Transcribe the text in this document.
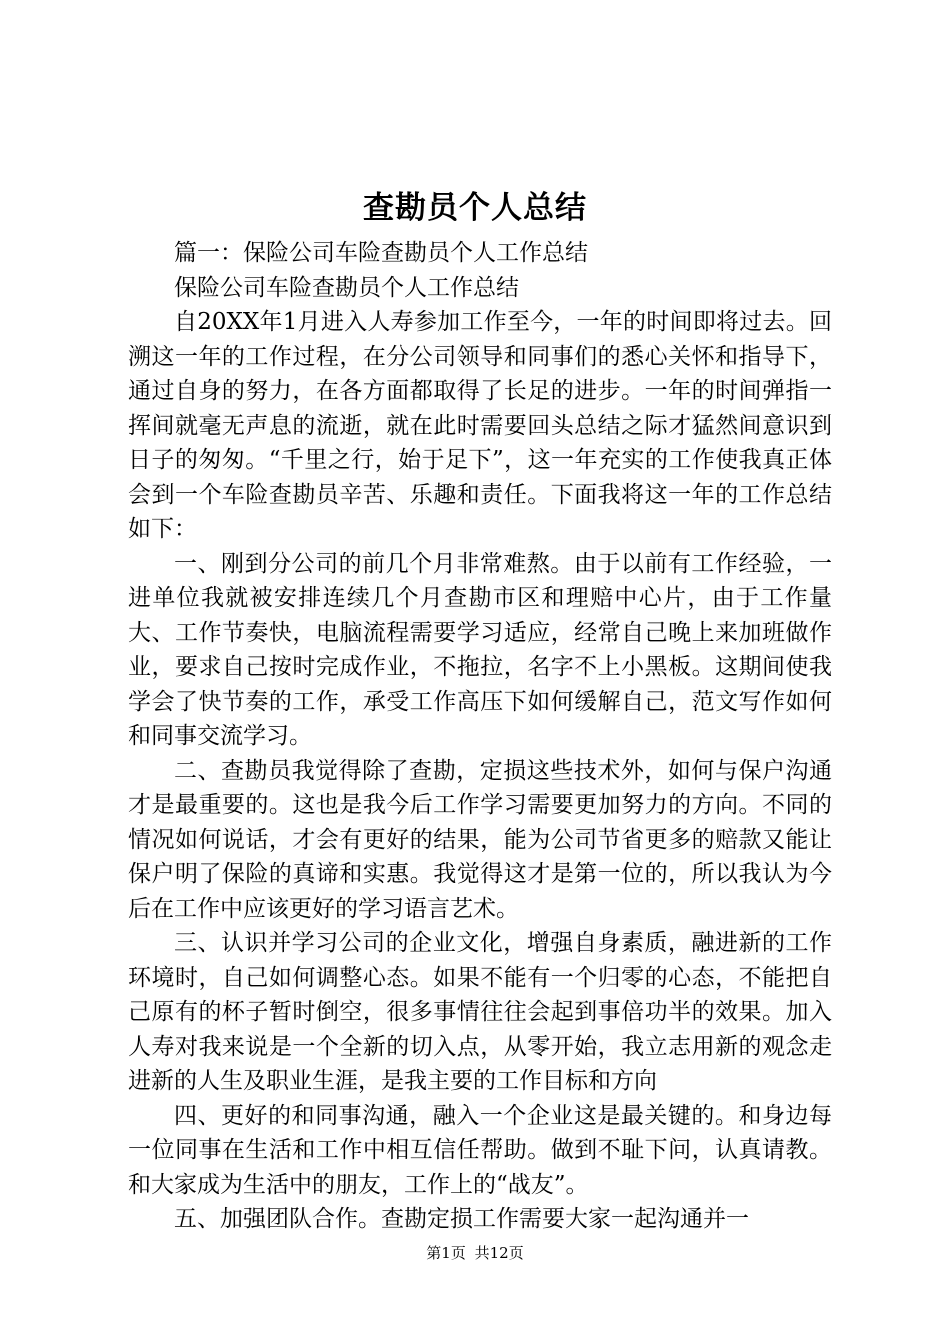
查勘员个人总结

篇一：保险公司车险查勘员个人工作总结

保险公司车险查勘员个人工作总结

自20XX年1月进入人寿参加工作至今，一年的时间即将过去。回溯这一年的工作过程，在分公司领导和同事们的悉心关怀和指导下，通过自身的努力，在各方面都取得了长足的进步。一年的时间弹指一挥间就毫无声息的流逝，就在此时需要回头总结之际才猛然间意识到日子的匆匆。“千里之行，始于足下”，这一年充实的工作使我真正体会到一个车险查勘员辛苦、乐趣和责任。下面我将这一年的工作总结如下：

一、刚到分公司的前几个月非常难熬。由于以前有工作经验，一进单位我就被安排连续几个月查勘市区和理赔中心片，由于工作量大、工作节奏快，电脑流程需要学习适应，经常自己晚上来加班做作业，要求自己按时完成作业，不拖拉，名字不上小黑板。这期间使我学会了快节奏的工作，承受工作高压下如何缓解自己，范文写作如何和同事交流学习。

二、查勘员我觉得除了查勘，定损这些技术外，如何与保户沟通才是最重要的。这也是我今后工作学习需要更加努力的方向。不同的情况如何说话，才会有更好的结果，能为公司节省更多的赔款又能让保户明了保险的真谛和实惠。我觉得这才是第一位的，所以我认为今后在工作中应该更好的学习语言艺术。

三、认识并学习公司的企业文化，增强自身素质，融进新的工作环境时，自己如何调整心态。如果不能有一个归零的心态，不能把自己原有的杯子暂时倒空，很多事情往往会起到事倍功半的效果。加入人寿对我来说是一个全新的切入点，从零开始，我立志用新的观念走进新的人生及职业生涯，是我主要的工作目标和方向

四、更好的和同事沟通，融入一个企业这是最关键的。和身边每一位同事在生活和工作中相互信任帮助。做到不耻下问，认真请教。和大家成为生活中的朋友，工作上的“战友”。

五、加强团队合作。查勘定损工作需要大家一起沟通并一

第1页 共12页
